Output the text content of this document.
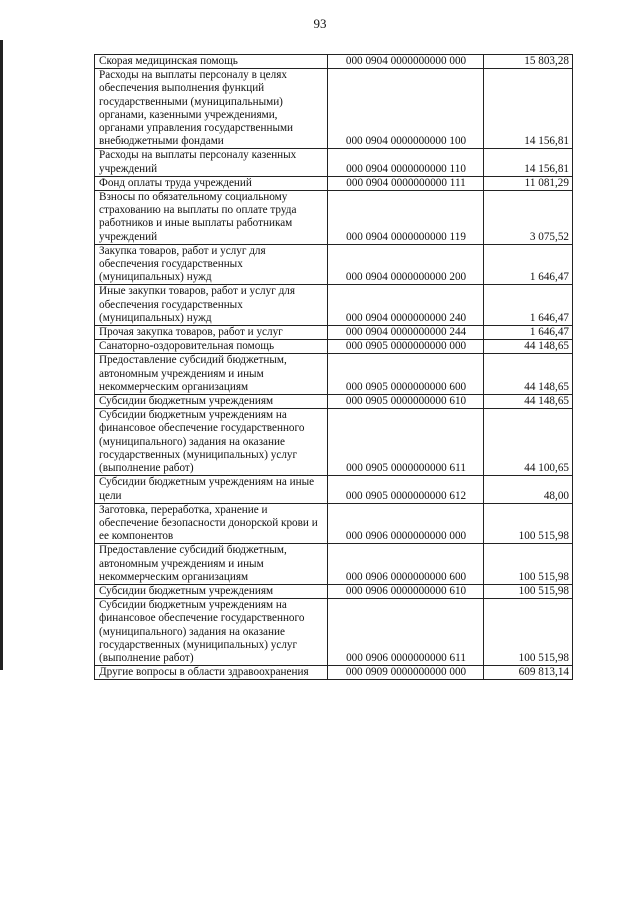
93
Скорая медицинская помощь	000 0904 0000000000 000	15 803,28
Расходы на выплаты персоналу в целях обеспечения выполнения функций государственными (муниципальными) органами, казенными учреждениями, органами управления государственными внебюджетными фондами	000 0904 0000000000 100	14 156,81
Расходы на выплаты персоналу казенных учреждений	000 0904 0000000000 110	14 156,81
Фонд оплаты труда учреждений	000 0904 0000000000 111	11 081,29
Взносы по обязательному социальному страхованию на выплаты по оплате труда работников и иные выплаты работникам учреждений	000 0904 0000000000 119	3 075,52
Закупка товаров, работ и услуг для обеспечения государственных (муниципальных) нужд	000 0904 0000000000 200	1 646,47
Иные закупки товаров, работ и услуг для обеспечения государственных (муниципальных) нужд	000 0904 0000000000 240	1 646,47
Прочая закупка товаров, работ и услуг	000 0904 0000000000 244	1 646,47
Санаторно-оздоровительная помощь	000 0905 0000000000 000	44 148,65
Предоставление субсидий бюджетным, автономным учреждениям и иным некоммерческим организациям	000 0905 0000000000 600	44 148,65
Субсидии бюджетным учреждениям	000 0905 0000000000 610	44 148,65
Субсидии бюджетным учреждениям на финансовое обеспечение государственного (муниципального) задания на оказание государственных (муниципальных) услуг (выполнение работ)	000 0905 0000000000 611	44 100,65
Субсидии бюджетным учреждениям на иные цели	000 0905 0000000000 612	48,00
Заготовка, переработка, хранение и обеспечение безопасности донорской крови и ее компонентов	000 0906 0000000000 000	100 515,98
Предоставление субсидий бюджетным, автономным учреждениям и иным некоммерческим организациям	000 0906 0000000000 600	100 515,98
Субсидии бюджетным учреждениям	000 0906 0000000000 610	100 515,98
Субсидии бюджетным учреждениям на финансовое обеспечение государственного (муниципального) задания на оказание государственных (муниципальных) услуг (выполнение работ)	000 0906 0000000000 611	100 515,98
Другие вопросы в области здравоохранения	000 0909 0000000000 000	609 813,14
